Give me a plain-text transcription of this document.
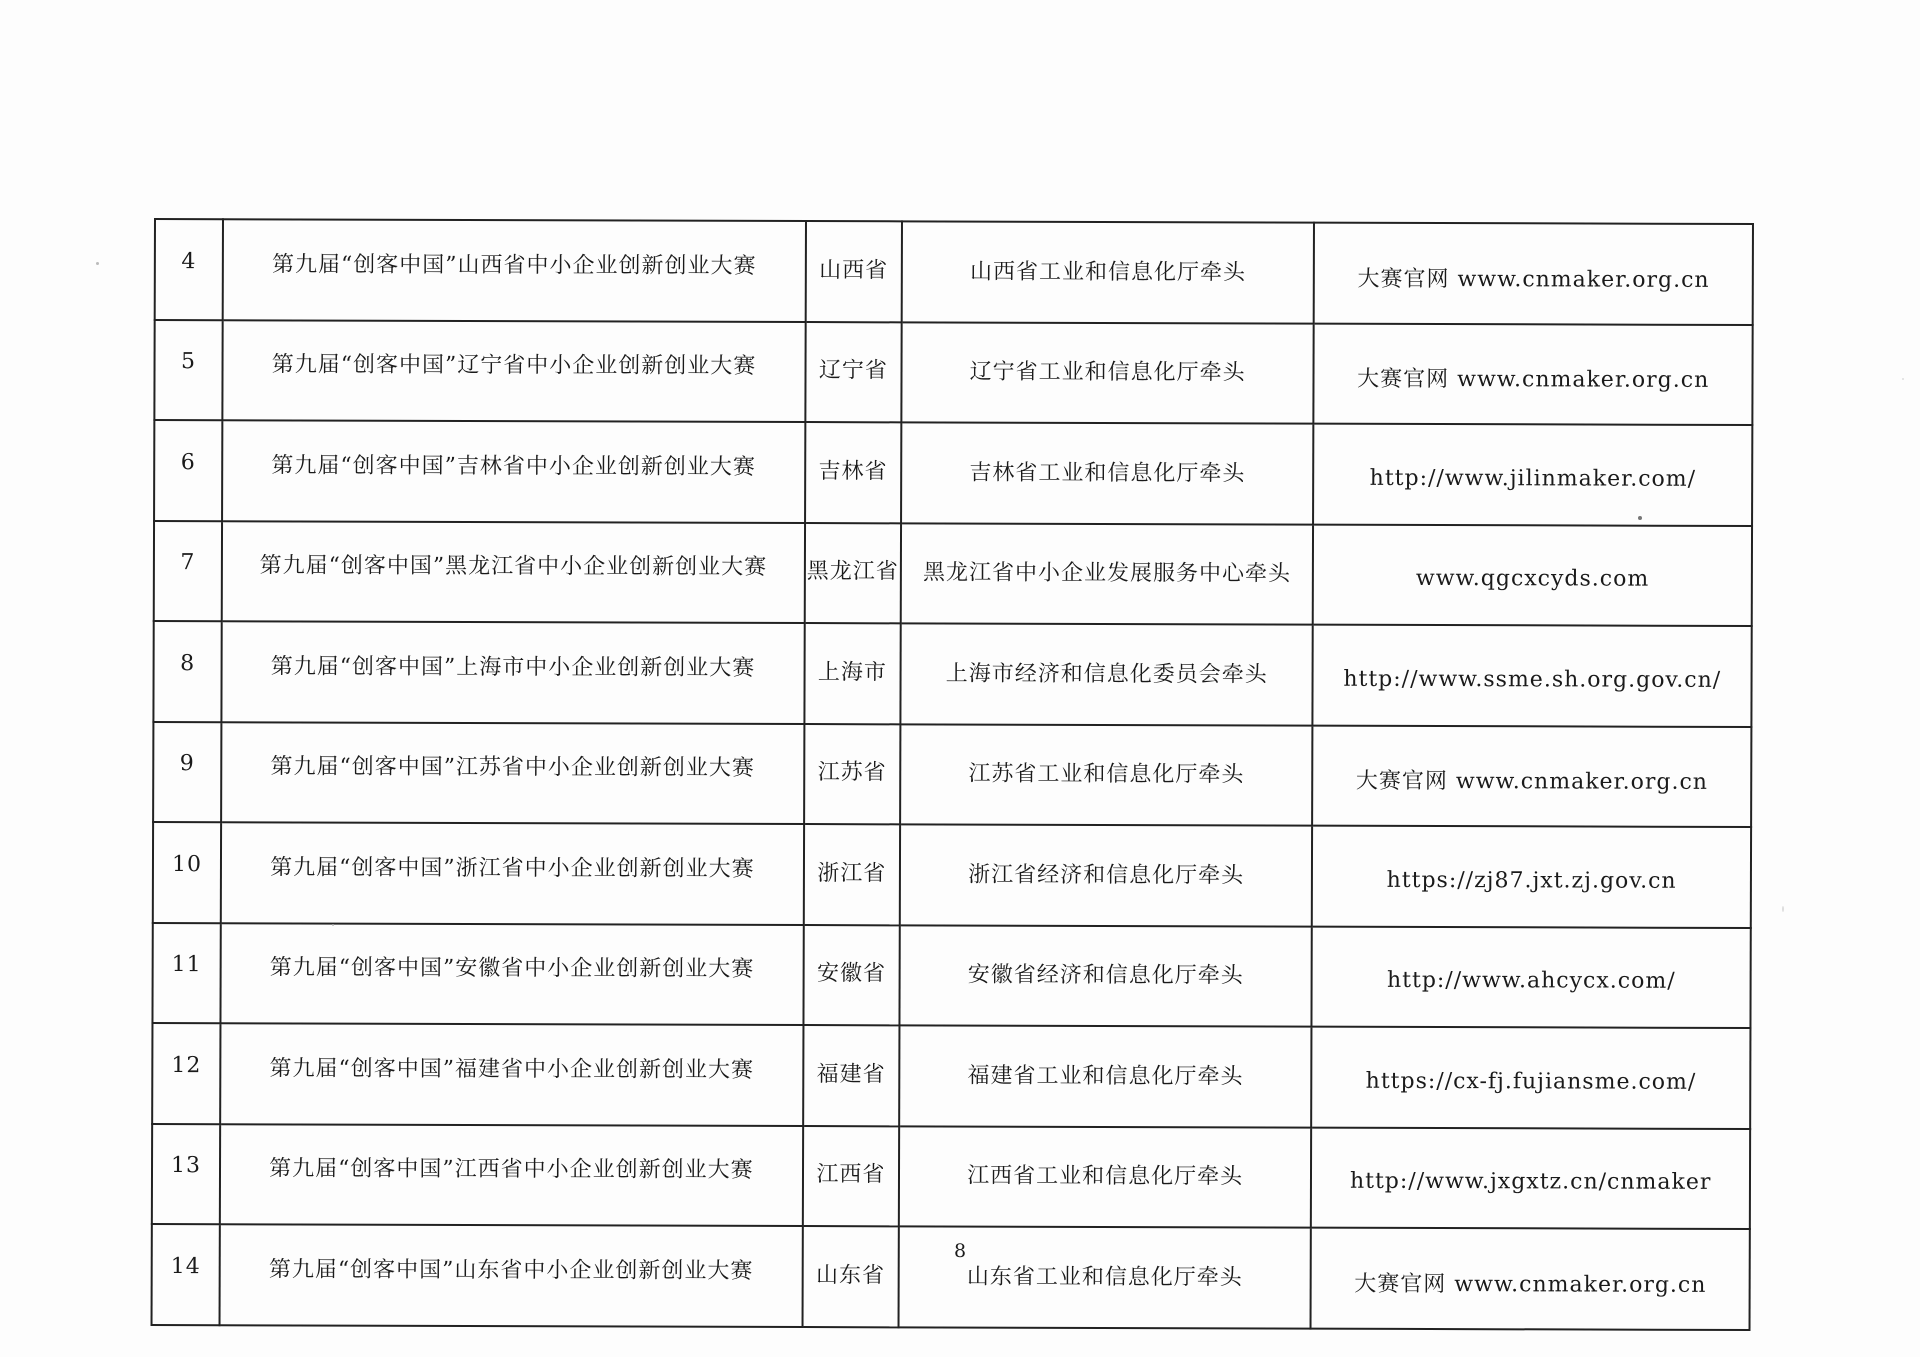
4	第九届“创客中国”山西省中小企业创新创业大赛	山西省	山西省工业和信息化厅牵头	大赛官网 www.cnmaker.org.cn
5	第九届“创客中国”辽宁省中小企业创新创业大赛	辽宁省	辽宁省工业和信息化厅牵头	大赛官网 www.cnmaker.org.cn
6	第九届“创客中国”吉林省中小企业创新创业大赛	吉林省	吉林省工业和信息化厅牵头	http://www.jilinmaker.com/
7	第九届“创客中国”黑龙江省中小企业创新创业大赛	黑龙江省	黑龙江省中小企业发展服务中心牵头	www.qgcxcyds.com
8	第九届“创客中国”上海市中小企业创新创业大赛	上海市	上海市经济和信息化委员会牵头	http://www.ssme.sh.org.gov.cn/
9	第九届“创客中国”江苏省中小企业创新创业大赛	江苏省	江苏省工业和信息化厅牵头	大赛官网 www.cnmaker.org.cn
10	第九届“创客中国”浙江省中小企业创新创业大赛	浙江省	浙江省经济和信息化厅牵头	https://zj87.jxt.zj.gov.cn
11	第九届“创客中国”安徽省中小企业创新创业大赛	安徽省	安徽省经济和信息化厅牵头	http://www.ahcycx.com/
12	第九届“创客中国”福建省中小企业创新创业大赛	福建省	福建省工业和信息化厅牵头	https://cx-fj.fujiansme.com/
13	第九届“创客中国”江西省中小企业创新创业大赛	江西省	江西省工业和信息化厅牵头	http://www.jxgxtz.cn/cnmaker
14	第九届“创客中国”山东省中小企业创新创业大赛	山东省	山东省工业和信息化厅牵头	大赛官网 www.cnmaker.org.cn
8
